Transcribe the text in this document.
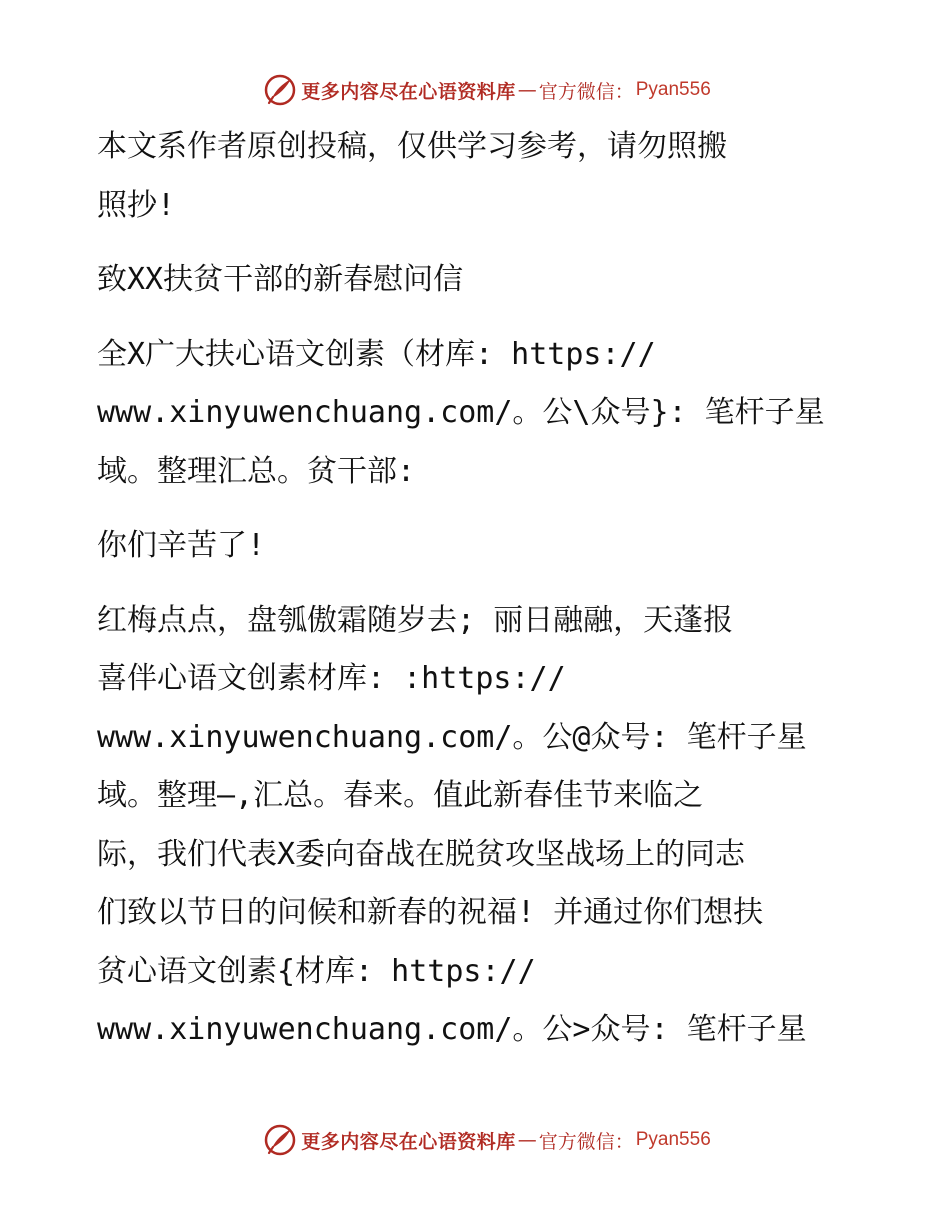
更多内容尽在心语资料库 — 官方微信： Pyan556
本文系作者原创投稿，仅供学习参考，请勿照搬
照抄!
致XX扶贫干部的新春慰问信
全X广大扶心语文创素（材库: https://
www.xinyuwenchuang.com/。公\众号}: 笔杆子星
域。整理汇总。贫干部:
你们辛苦了!
红梅点点，盘瓠傲霜随岁去; 丽日融融，天蓬报
喜伴心语文创素材库: :https://
www.xinyuwenchuang.com/。公@众号: 笔杆子星
域。整理—,汇总。春来。值此新春佳节来临之
际，我们代表X委向奋战在脱贫攻坚战场上的同志
们致以节日的问候和新春的祝福! 并通过你们想扶
贫心语文创素{材库: https://
www.xinyuwenchuang.com/。公>众号: 笔杆子星
更多内容尽在心语资料库 — 官方微信： Pyan556
